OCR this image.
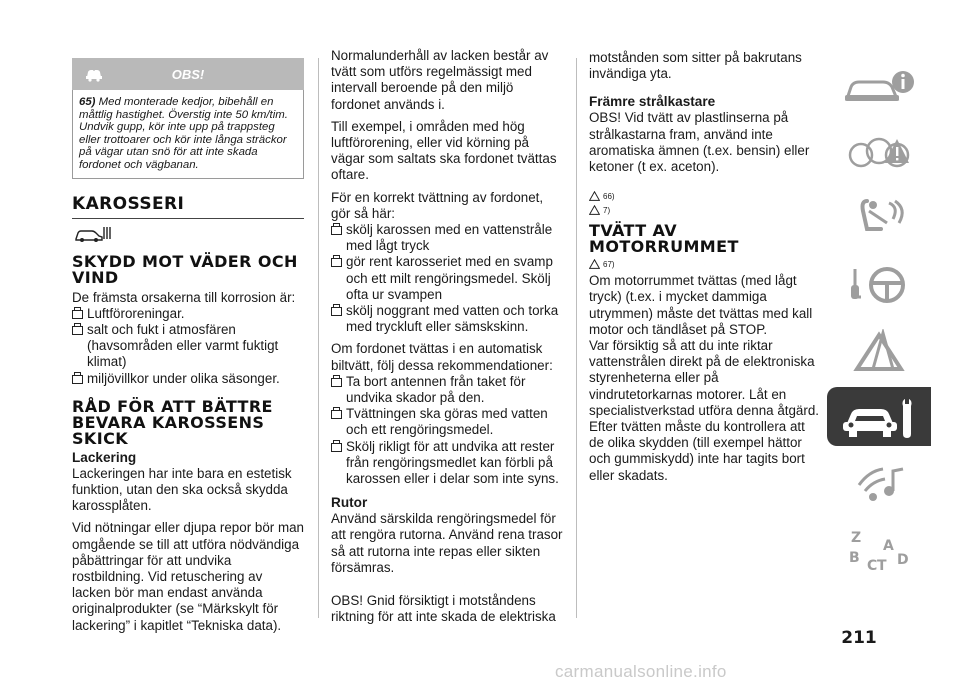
OBS!
65) Med monterade kedjor, bibehåll en måttlig hastighet. Överstig inte 50 km/tim. Undvik gupp, kör inte upp på trappsteg eller trottoarer och kör inte långa sträckor på vägar utan snö för att inte skada fordonet och vägbanan.
KAROSSERI
SKYDD MOT VÄDER OCH VIND

De främsta orsakerna till korrosion är:

Luftföroreningar.

salt och fukt i atmosfären (havsområden eller varmt fuktigt klimat)

miljövillkor under olika säsonger.

RÅD FÖR ATT BÄTTRE BEVARA KAROSSENS SKICK

Lackering

Lackeringen har inte bara en estetisk funktion, utan den ska också skydda karossplåten.

Vid nötningar eller djupa repor bör man omgående se till att utföra nödvändiga påbättringar för att undvika rostbildning. Vid retuschering av lacken bör man endast använda originalprodukter (se “Märkskylt för lackering” i kapitlet “Tekniska data).

Normalunderhåll av lacken består av tvätt som utförs regelmässigt med intervall beroende på den miljö fordonet används i.

Till exempel, i områden med hög luftförorening, eller vid körning på vägar som saltats ska fordonet tvättas oftare.

För en korrekt tvättning av fordonet, gör så här:

skölj karossen med en vattenstråle med lågt tryck

gör rent karosseriet med en svamp och ett milt rengöringsmedel. Skölj ofta ur svampen

skölj noggrant med vatten och torka med tryckluft eller sämskskinn.

Om fordonet tvättas i en automatisk biltvätt, följ dessa rekommendationer:

Ta bort antennen från taket för undvika skador på den.

Tvättningen ska göras med vatten och ett rengöringsmedel.

Skölj rikligt för att undvika att rester från rengöringsmedlet kan förbli på karossen eller i delar som inte syns.

Rutor

Använd särskilda rengöringsmedel för att rengöra rutorna. Använd rena trasor så att rutorna inte repas eller sikten försämras.

OBS! Gnid försiktigt i motståndens riktning för att inte skada de elektriska

motstånden som sitter på bakrutans invändiga yta.

Främre strålkastare

OBS! Vid tvätt av plastlinserna på strålkastarna fram, använd inte aromatiska ämnen (t.ex. bensin) eller ketoner (t ex. aceton).

66)
7)
TVÄTT AV MOTORRUMMET
67)

Om motorrummet tvättas (med lågt tryck) (t.ex. i mycket dammiga utrymmen) måste det tvättas med kall motor och tändlåset på STOP.

Var försiktig så att du inte riktar vattenstrålen direkt på de elektroniska styrenheterna eller på vindrutetorkarnas motorer. Låt en specialistverkstad utföra denna åtgärd. Efter tvätten måste du kontrollera att de olika skydden (till exempel hättor och gummiskydd) inte har tagits bort eller skadats.

Z A
B C D
T
211
carmanualsonline.info
